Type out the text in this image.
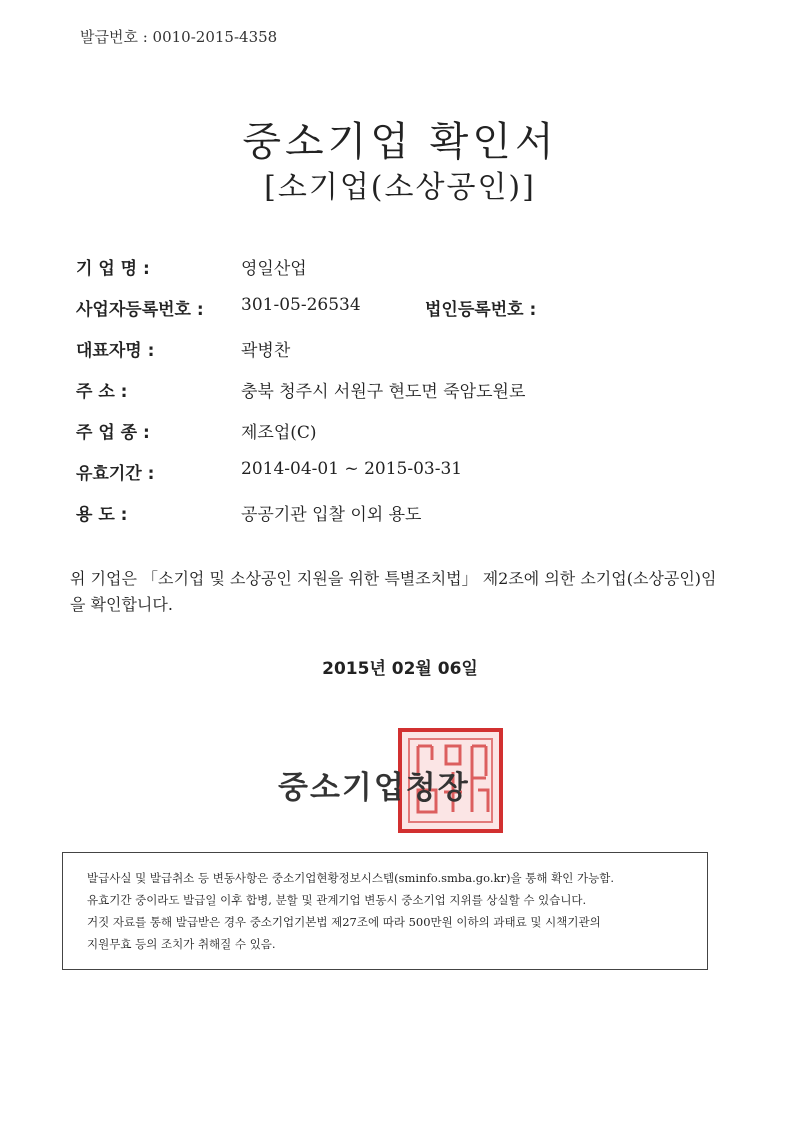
발급번호 : 0010-2015-4358
중소기업 확인서
[소기업(소상공인)]
기 업 명 :	영일산업
사업자등록번호 : 301-05-26534	법인등록번호 :
대표자명 :	곽병찬
주 소 :	충북 청주시 서원구 현도면 죽암도원로
주 업 종 :	제조업(C)
유효기간 :	2014-04-01 ~ 2015-03-31
용 도 :	공공기관 입찰 이외 용도
위 기업은 「소기업 및 소상공인 지원을 위한 특별조치법」 제2조에 의한 소기업(소상공인)임을 확인합니다.
2015년 02월 06일
중소기업청장
발급사실 및 발급취소 등 변동사항은 중소기업현황정보시스템(sminfo.smba.go.kr)을 통해 확인 가능함.
유효기간 중이라도 발급일 이후 합병, 분할 및 관계기업 변동시 중소기업 지위를 상실할 수 있습니다.
거짓 자료를 통해 발급받은 경우 중소기업기본법 제27조에 따라 500만원 이하의 과태료 및 시책기관의
지원무효 등의 조치가 취해질 수 있음.
